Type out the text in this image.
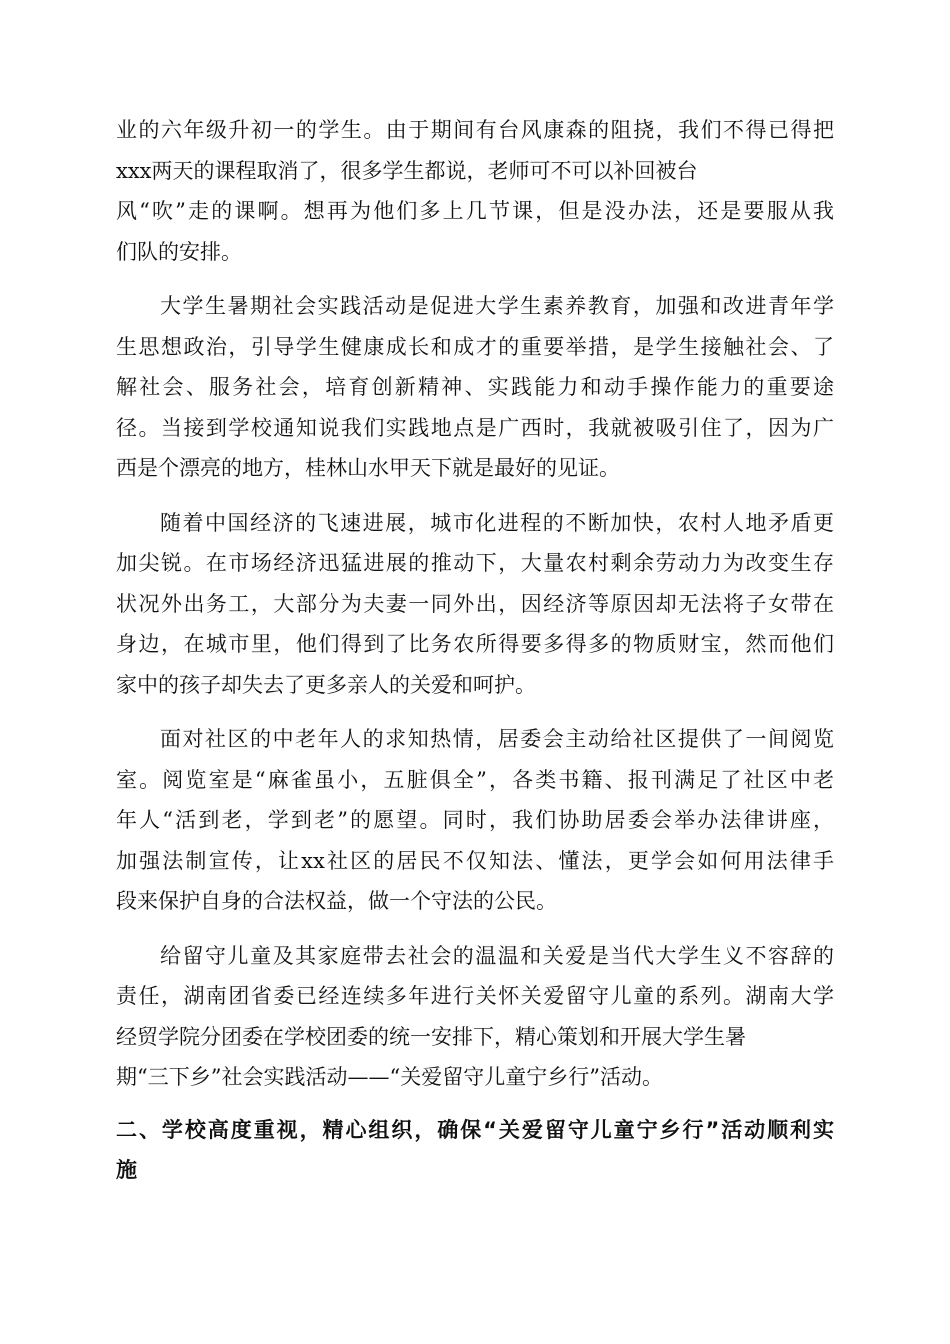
业的六年级升初一的学生。由于期间有台风康森的阻挠，我们不得已得把
xxx两天的课程取消了，很多学生都说，老师可不可以补回被台
风“吹”走的课啊。想再为他们多上几节课，但是没办法，还是要服从我
们队的安排。
大学生暑期社会实践活动是促进大学生素养教育，加强和改进青年学
生思想政治，引导学生健康成长和成才的重要举措，是学生接触社会、了
解社会、服务社会，培育创新精神、实践能力和动手操作能力的重要途
径。当接到学校通知说我们实践地点是广西时，我就被吸引住了，因为广
西是个漂亮的地方，桂林山水甲天下就是最好的见证。
随着中国经济的飞速进展，城市化进程的不断加快，农村人地矛盾更
加尖锐。在市场经济迅猛进展的推动下，大量农村剩余劳动力为改变生存
状况外出务工，大部分为夫妻一同外出，因经济等原因却无法将子女带在
身边，在城市里，他们得到了比务农所得要多得多的物质财宝，然而他们
家中的孩子却失去了更多亲人的关爱和呵护。
面对社区的中老年人的求知热情，居委会主动给社区提供了一间阅览
室。阅览室是“麻雀虽小，五脏俱全”，各类书籍、报刊满足了社区中老
年人“活到老，学到老”的愿望。同时，我们协助居委会举办法律讲座，
加强法制宣传，让xx社区的居民不仅知法、懂法，更学会如何用法律手
段来保护自身的合法权益，做一个守法的公民。
给留守儿童及其家庭带去社会的温温和关爱是当代大学生义不容辞的
责任，湖南团省委已经连续多年进行关怀关爱留守儿童的系列。湖南大学
经贸学院分团委在学校团委的统一安排下，精心策划和开展大学生暑
期“三下乡”社会实践活动——“关爱留守儿童宁乡行”活动。
二、学校高度重视，精心组织，确保“关爱留守儿童宁乡行”活动顺利实
施
